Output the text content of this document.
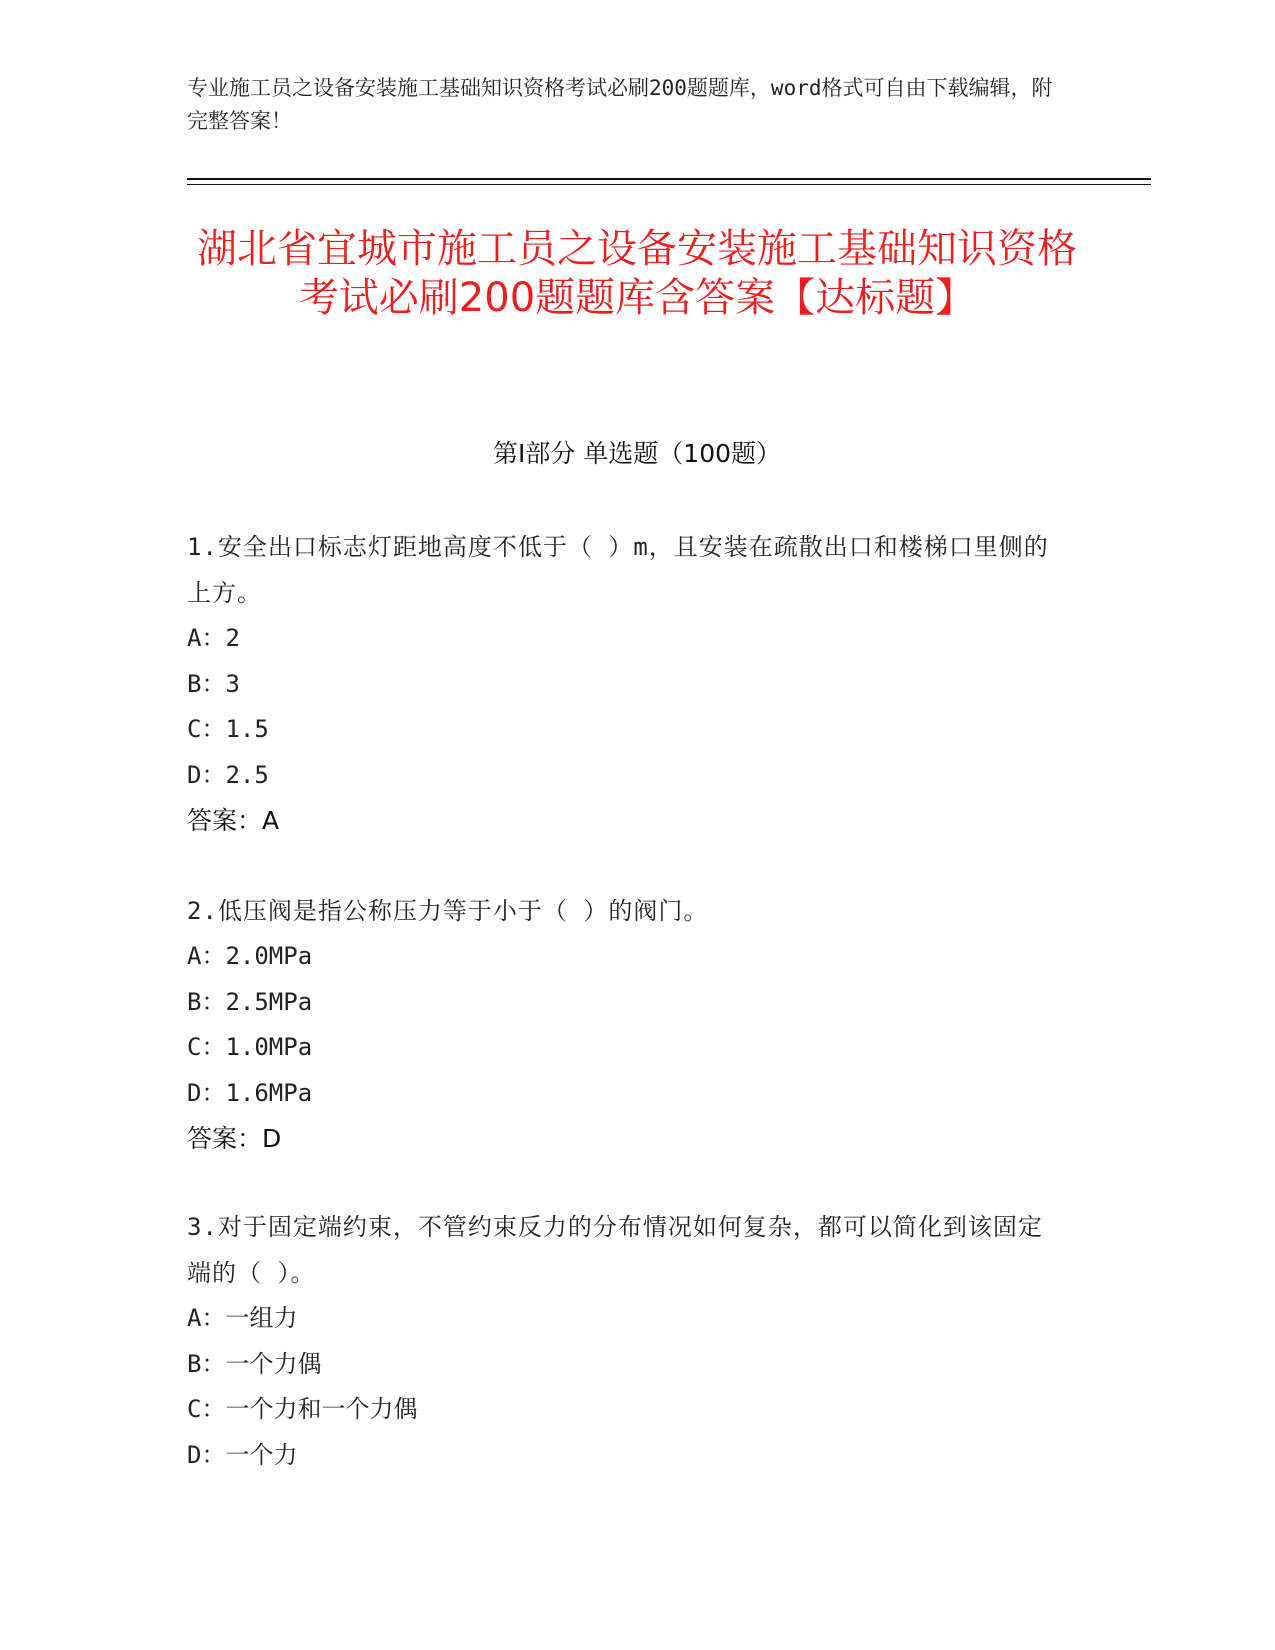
专业施工员之设备安装施工基础知识资格考试必刷200题题库，word格式可自由下载编辑，附完整答案！
湖北省宜城市施工员之设备安装施工基础知识资格考试必刷200题题库含答案【达标题】
第I部分 单选题（100题）

1.安全出口标志灯距地高度不低于（ ）m，且安装在疏散出口和楼梯口里侧的上方。

A：2

B：3

C：1.5

D：2.5

答案：A

2.低压阀是指公称压力等于小于（ ）的阀门。

A：2.0MPa

B：2.5MPa

C：1.0MPa

D：1.6MPa

答案：D

3.对于固定端约束，不管约束反力的分布情况如何复杂，都可以简化到该固定端的（ ）。

A：一组力

B：一个力偶

C：一个力和一个力偶

D：一个力
